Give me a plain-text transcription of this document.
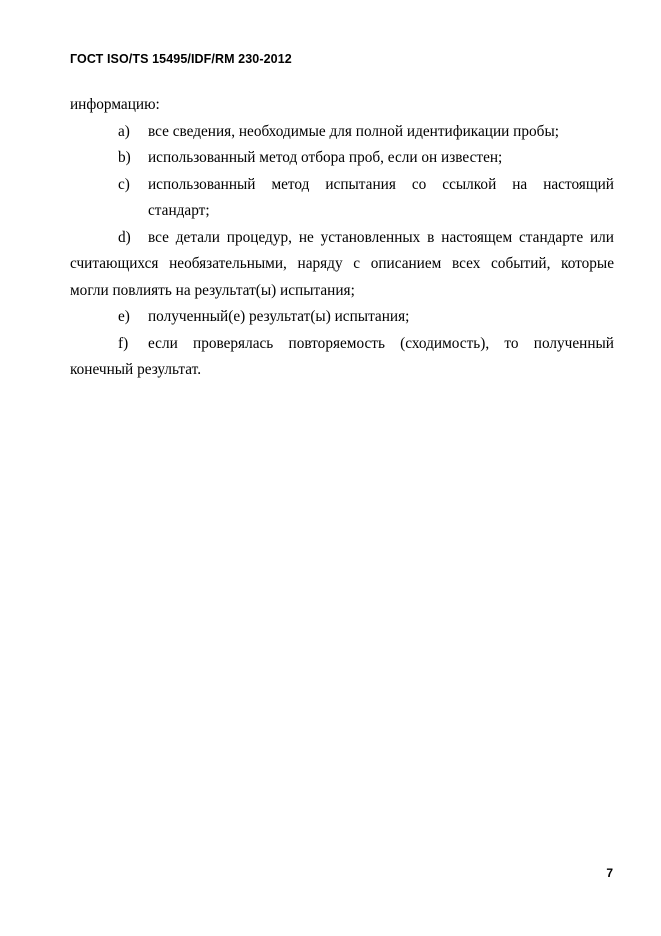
ГОСТ ISO/TS 15495/IDF/RM 230-2012
информацию:
a)	все сведения, необходимые для полной идентификации пробы;
b)	использованный метод отбора проб, если он известен;
c) использованный метод испытания со ссылкой на настоящий
стандарт;
d) все детали процедур, не установленных в настоящем стандарте или
считающихся необязательными, наряду с описанием всех событий, которые
могли повлиять на результат(ы) испытания;
e)	полученный(е) результат(ы) испытания;
f) если проверялась повторяемость (сходимость), то полученный
конечный результат.
7
